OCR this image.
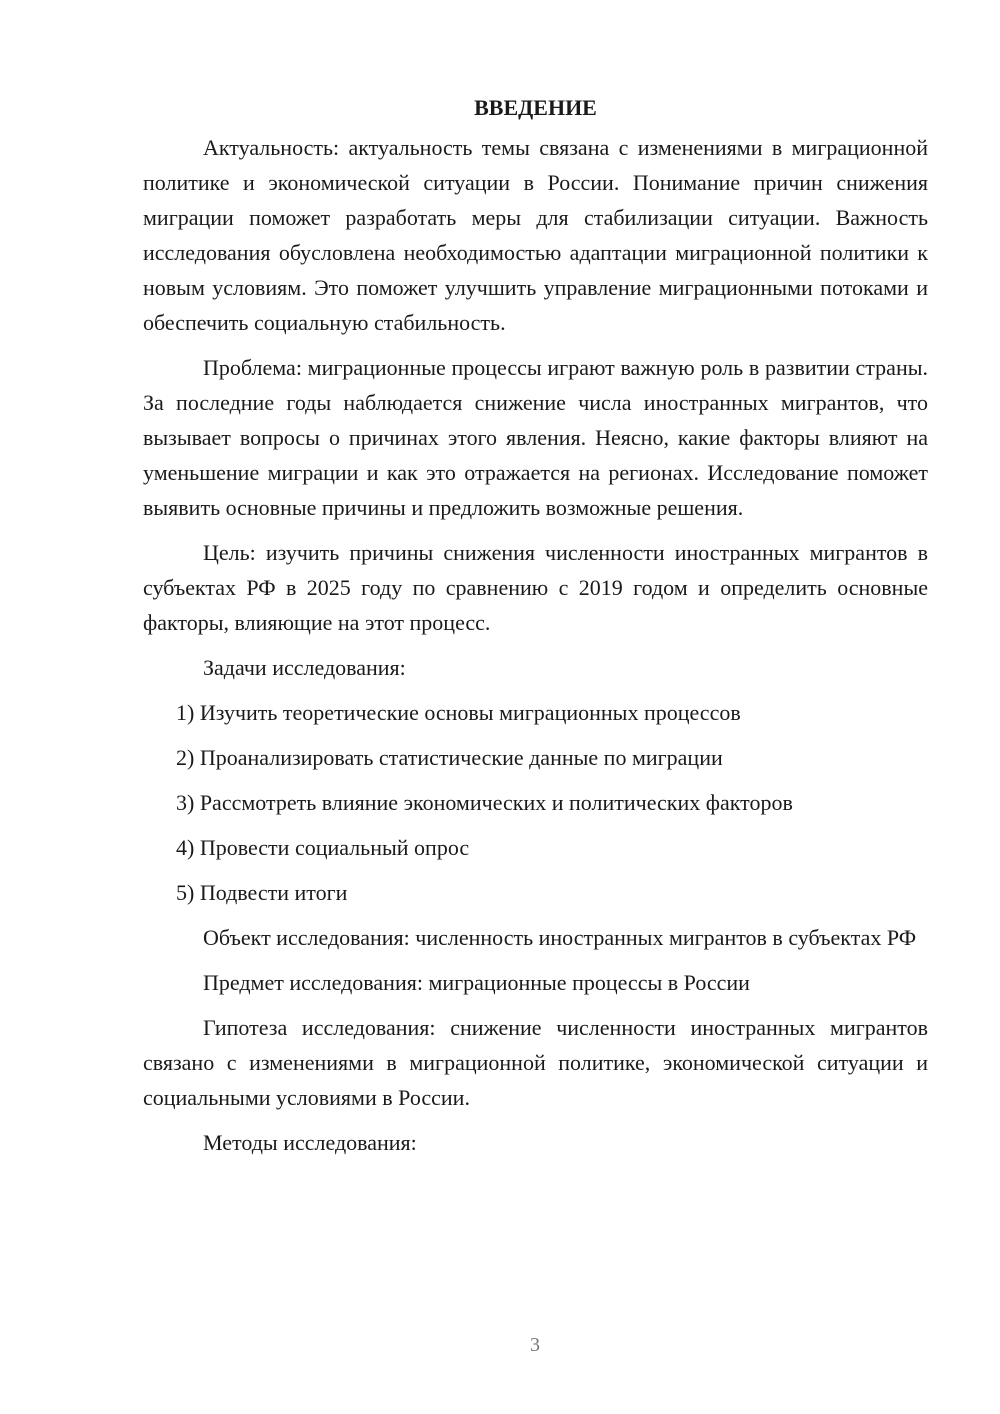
ВВЕДЕНИЕ

Актуальность: актуальность темы связана с изменениями в миграционной политике и экономической ситуации в России. Понимание причин снижения миграции поможет разработать меры для стабилизации ситуации. Важность исследования обусловлена необходимостью адаптации миграционной политики к новым условиям. Это поможет улучшить управление миграционными потоками и обеспечить социальную стабильность.

Проблема: миграционные процессы играют важную роль в развитии страны. За последние годы наблюдается снижение числа иностранных мигрантов, что вызывает вопросы о причинах этого явления. Неясно, какие факторы влияют на уменьшение миграции и как это отражается на регионах. Исследование поможет выявить основные причины и предложить возможные решения.

Цель: изучить причины снижения численности иностранных мигрантов в субъектах РФ в 2025 году по сравнению с 2019 годом и определить основные факторы, влияющие на этот процесс.

Задачи исследования:

1) Изучить теоретические основы миграционных процессов
2) Проанализировать статистические данные по миграции
3) Рассмотреть влияние экономических и политических факторов
4) Провести социальный опрос
5) Подвести итоги

Объект исследования: численность иностранных мигрантов в субъектах РФ

Предмет исследования: миграционные процессы в России

Гипотеза исследования: снижение численности иностранных мигрантов связано с изменениями в миграционной политике, экономической ситуации и социальными условиями в России.

Методы исследования:

3
